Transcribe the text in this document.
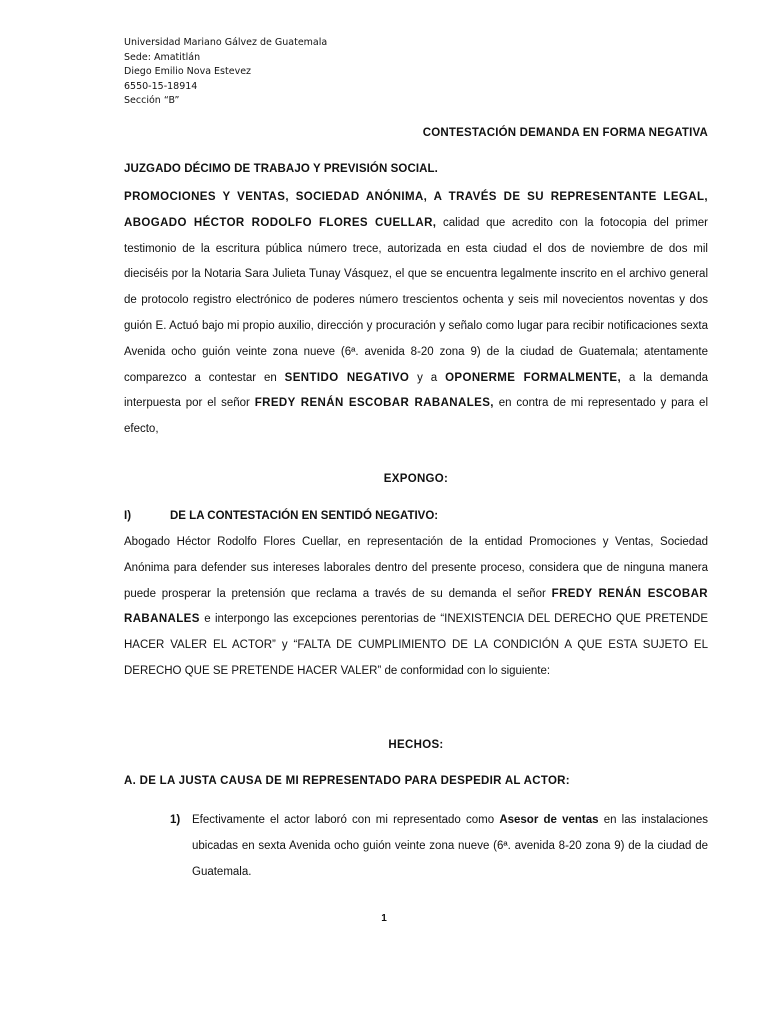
Universidad Mariano Gálvez de Guatemala
Sede: Amatitlán
Diego Emilio Nova Estevez
6550-15-18914
Sección “B”
CONTESTACIÓN DEMANDA EN FORMA NEGATIVA
JUZGADO DÉCIMO DE TRABAJO Y PREVISIÓN SOCIAL.
PROMOCIONES Y VENTAS, SOCIEDAD ANÓNIMA, A TRAVÉS DE SU REPRESENTANTE LEGAL, ABOGADO HÉCTOR RODOLFO FLORES CUELLAR, calidad que acredito con la fotocopia del primer testimonio de la escritura pública número trece, autorizada en esta ciudad el dos de noviembre de dos mil dieciséis por la Notaria Sara Julieta Tunay Vásquez, el que se encuentra legalmente inscrito en el archivo general de protocolo registro electrónico de poderes número trescientos ochenta y seis mil novecientos noventas y dos guión E. Actuó bajo mi propio auxilio, dirección y procuración y señalo como lugar para recibir notificaciones sexta Avenida ocho guión veinte zona nueve (6ª. avenida 8-20 zona 9) de la ciudad de Guatemala; atentamente comparezco a contestar en SENTIDO NEGATIVO y a OPONERME FORMALMENTE, a la demanda interpuesta por el señor FREDY RENÁN ESCOBAR RABANALES, en contra de mi representado y para el efecto,
EXPONGO:
I)	DE LA CONTESTACIÓN EN SENTIDÓ NEGATIVO:
Abogado Héctor Rodolfo Flores Cuellar, en representación de la entidad Promociones y Ventas, Sociedad Anónima para defender sus intereses laborales dentro del presente proceso, considera que de ninguna manera puede prosperar la pretensión que reclama a través de su demanda el señor FREDY RENÁN ESCOBAR RABANALES e interpongo las excepciones perentorias de “INEXISTENCIA DEL DERECHO QUE PRETENDE HACER VALER EL ACTOR” y “FALTA DE CUMPLIMIENTO DE LA CONDICIÓN A QUE ESTA SUJETO EL DERECHO QUE SE PRETENDE HACER VALER” de conformidad con lo siguiente:
HECHOS:
A. DE LA JUSTA CAUSA DE MI REPRESENTADO PARA DESPEDIR AL ACTOR:
1) Efectivamente el actor laboró con mi representado como Asesor de ventas en las instalaciones ubicadas en sexta Avenida ocho guión veinte zona nueve (6ª. avenida 8-20 zona 9) de la ciudad de Guatemala.
1
